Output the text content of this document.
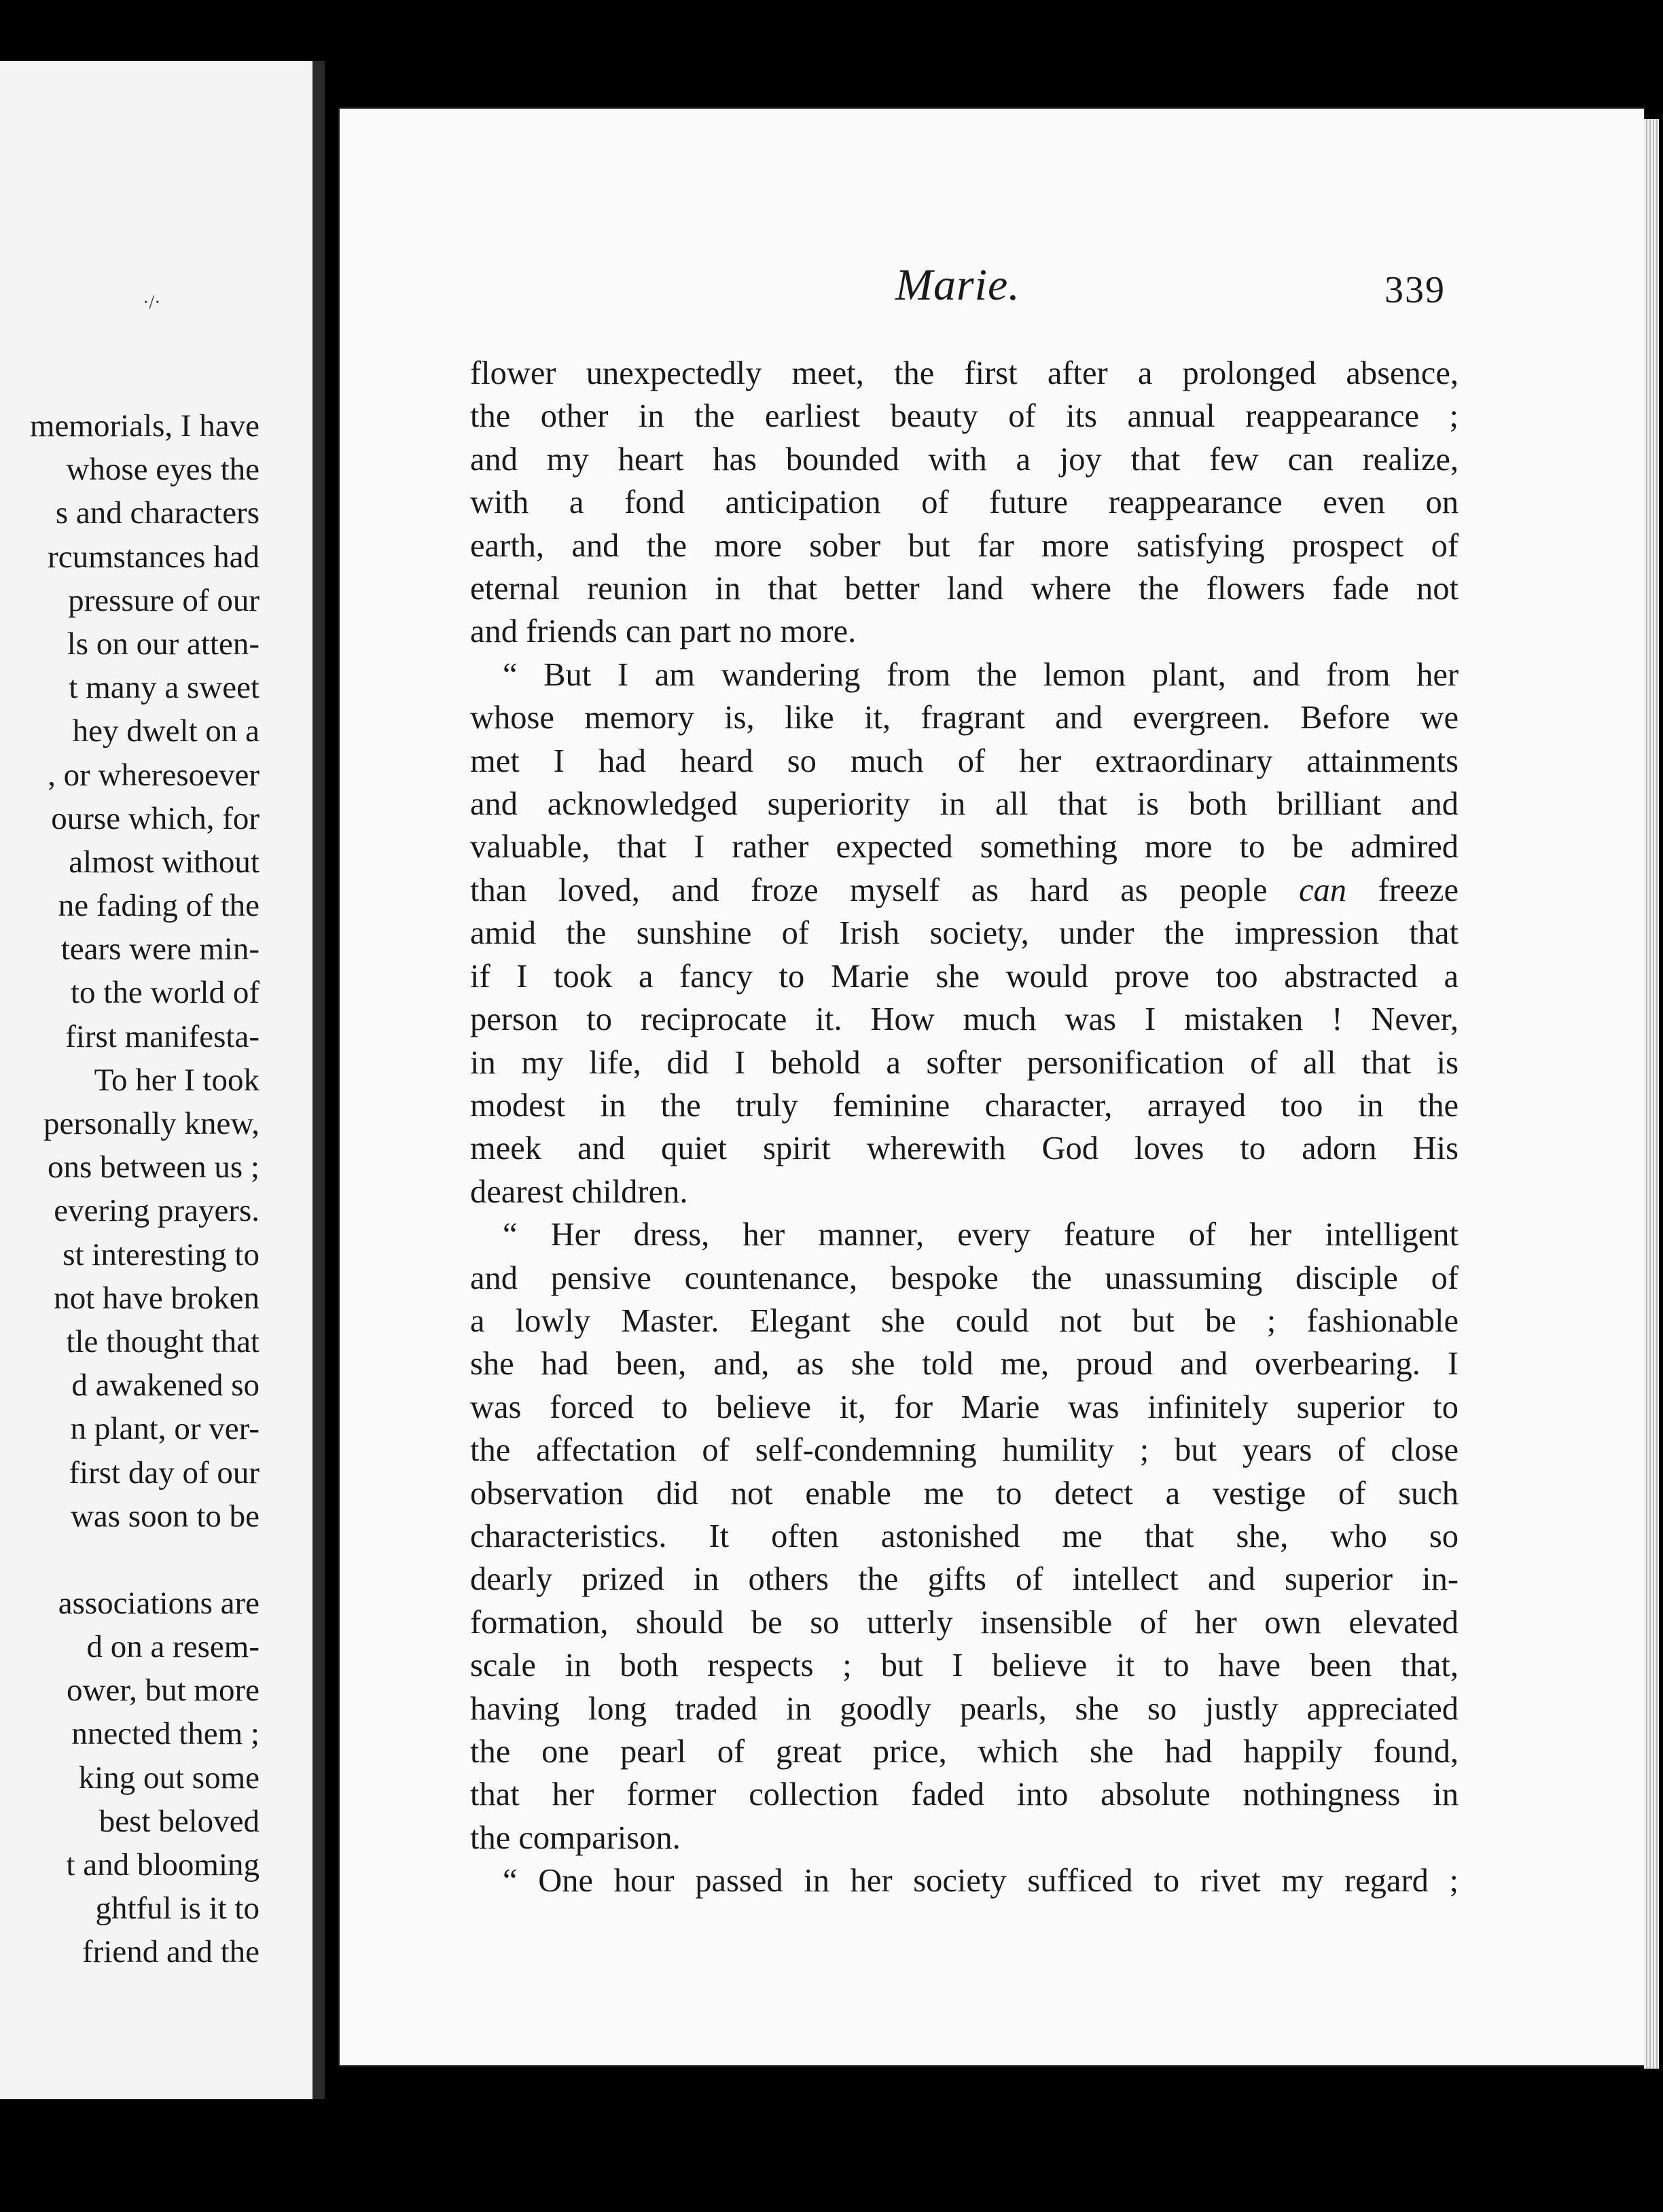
·/·
memorials, I have
whose eyes the
s and characters
rcumstances had
pressure of our
ls on our atten-
t many a sweet
hey dwelt on a
, or wheresoever
ourse which, for
almost without
ne fading of the
tears were min-
to the world of
first manifesta-
To her I took
personally knew,
ons between us ;
evering prayers.
st interesting to
not have broken
tle thought that
d awakened so
n plant, or ver-
first day of our
was soon to be
associations are
d on a resem-
ower, but more
nnected them ;
king out some
best beloved
t and blooming
ghtful is it to
friend and the
Marie.	339

flower unexpectedly meet, the first after a prolonged absence,

the other in the earliest beauty of its annual reappearance ;

and my heart has bounded with a joy that few can realize,

with a fond anticipation of future reappearance even on

earth, and the more sober but far more satisfying prospect of

eternal reunion in that better land where the flowers fade not

and friends can part no more.

“ But I am wandering from the lemon plant, and from her

whose memory is, like it, fragrant and evergreen. Before we

met I had heard so much of her extraordinary attainments

and acknowledged superiority in all that is both brilliant and

valuable, that I rather expected something more to be admired

than loved, and froze myself as hard as people can freeze

amid the sunshine of Irish society, under the impression that

if I took a fancy to Marie she would prove too abstracted a

person to reciprocate it. How much was I mistaken ! Never,

in my life, did I behold a softer personification of all that is

modest in the truly feminine character, arrayed too in the

meek and quiet spirit wherewith God loves to adorn His

dearest children.

“ Her dress, her manner, every feature of her intelligent

and pensive countenance, bespoke the unassuming disciple of

a lowly Master. Elegant she could not but be ; fashionable

she had been, and, as she told me, proud and overbearing. I

was forced to believe it, for Marie was infinitely superior to

the affectation of self-condemning humility ; but years of close

observation did not enable me to detect a vestige of such

characteristics. It often astonished me that she, who so

dearly prized in others the gifts of intellect and superior in-

formation, should be so utterly insensible of her own elevated

scale in both respects ; but I believe it to have been that,

having long traded in goodly pearls, she so justly appreciated

the one pearl of great price, which she had happily found,

that her former collection faded into absolute nothingness in

the comparison.

“ One hour passed in her society sufficed to rivet my regard ;
